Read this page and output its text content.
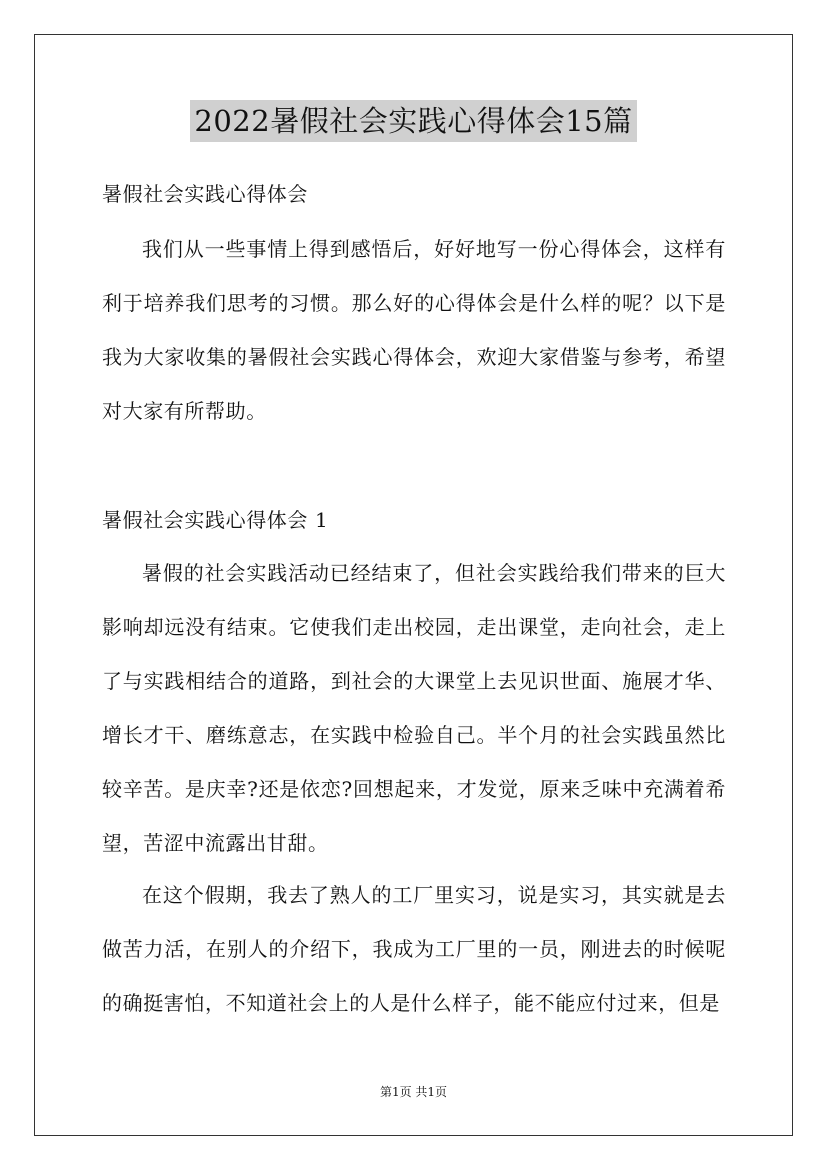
2022暑假社会实践心得体会15篇
暑假社会实践心得体会
我们从一些事情上得到感悟后，好好地写一份心得体会，这样有利于培养我们思考的习惯。那么好的心得体会是什么样的呢？以下是我为大家收集的暑假社会实践心得体会，欢迎大家借鉴与参考，希望对大家有所帮助。
暑假社会实践心得体会 1
暑假的社会实践活动已经结束了，但社会实践给我们带来的巨大影响却远没有结束。它使我们走出校园，走出课堂，走向社会，走上了与实践相结合的道路，到社会的大课堂上去见识世面、施展才华、增长才干、磨练意志，在实践中检验自己。半个月的社会实践虽然比较辛苦。是庆幸?还是依恋?回想起来，才发觉，原来乏味中充满着希望，苦涩中流露出甘甜。
在这个假期，我去了熟人的工厂里实习，说是实习，其实就是去做苦力活，在别人的介绍下，我成为工厂里的一员，刚进去的时候呢的确挺害怕，不知道社会上的人是什么样子，能不能应付过来，但是
第1页 共1页
